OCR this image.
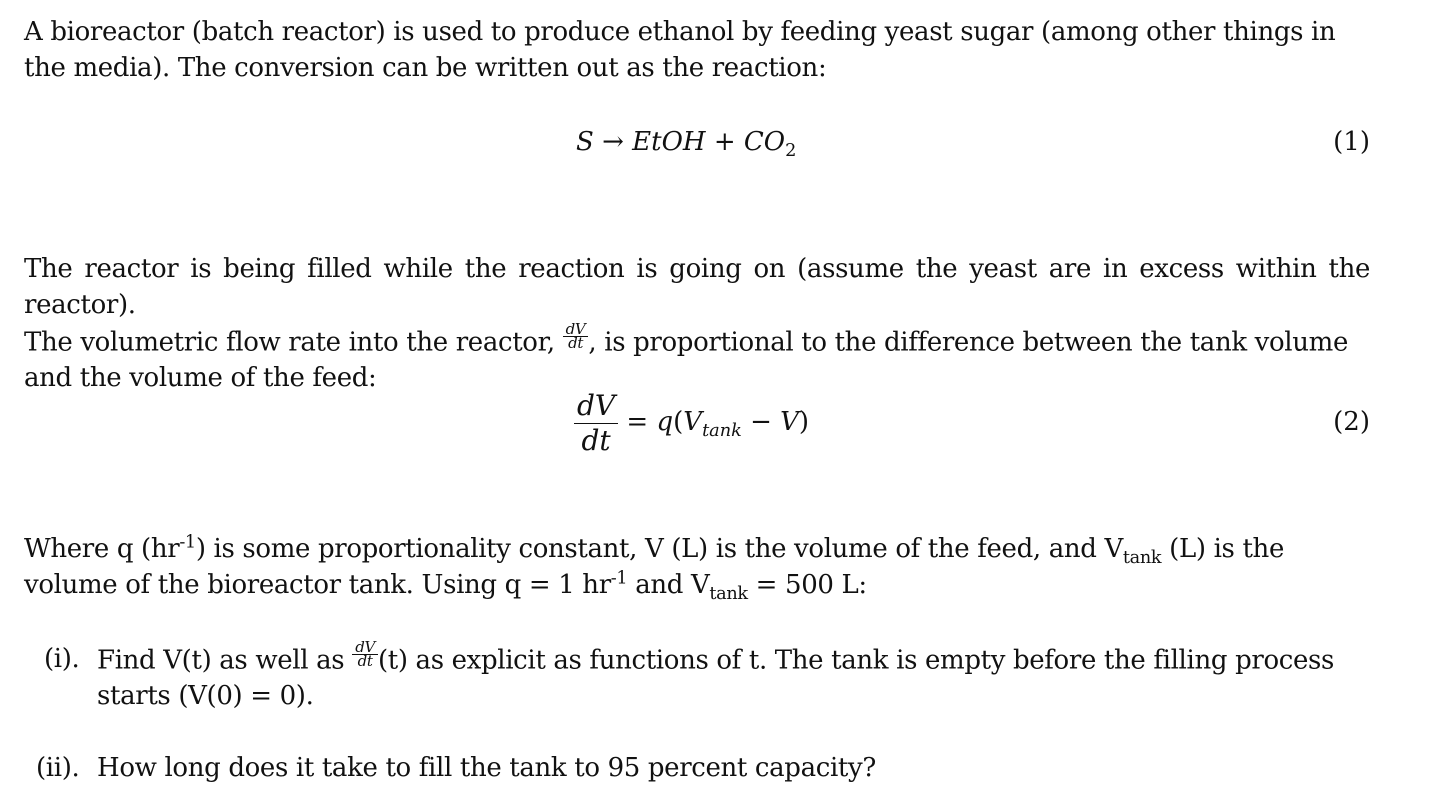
A bioreactor (batch reactor) is used to produce ethanol by feeding yeast sugar (among other things in
the media). The conversion can be written out as the reaction:
S → EtOH + $CO_2$	(1)
The reactor is being filled while the reaction is going on (assume the yeast are in excess within the reactor).
The volumetric flow rate into the reactor, $\frac{dV}{dt}$ , is proportional to the difference between the tank volume
and the volume of the feed:
$\frac{dV}{dt} = q(V_{tank} - V)$	(2)
Where q $(hr^{-1})$ is some proportionality constant, V (L) is the volume of the feed, and $V_{tank}$ (L) is the
volume of the bioreactor tank. Using q = 1 $hr^{-1}$ and $V_{tank} = 500$ L:
(i). Find V(t) as well as $\frac{dV}{dt} (t)$ as explicit as functions of t. The tank is empty before the filling process
starts (V(0) = 0).
(ii). How long does it take to fill the tank to 95 percent capacity?
